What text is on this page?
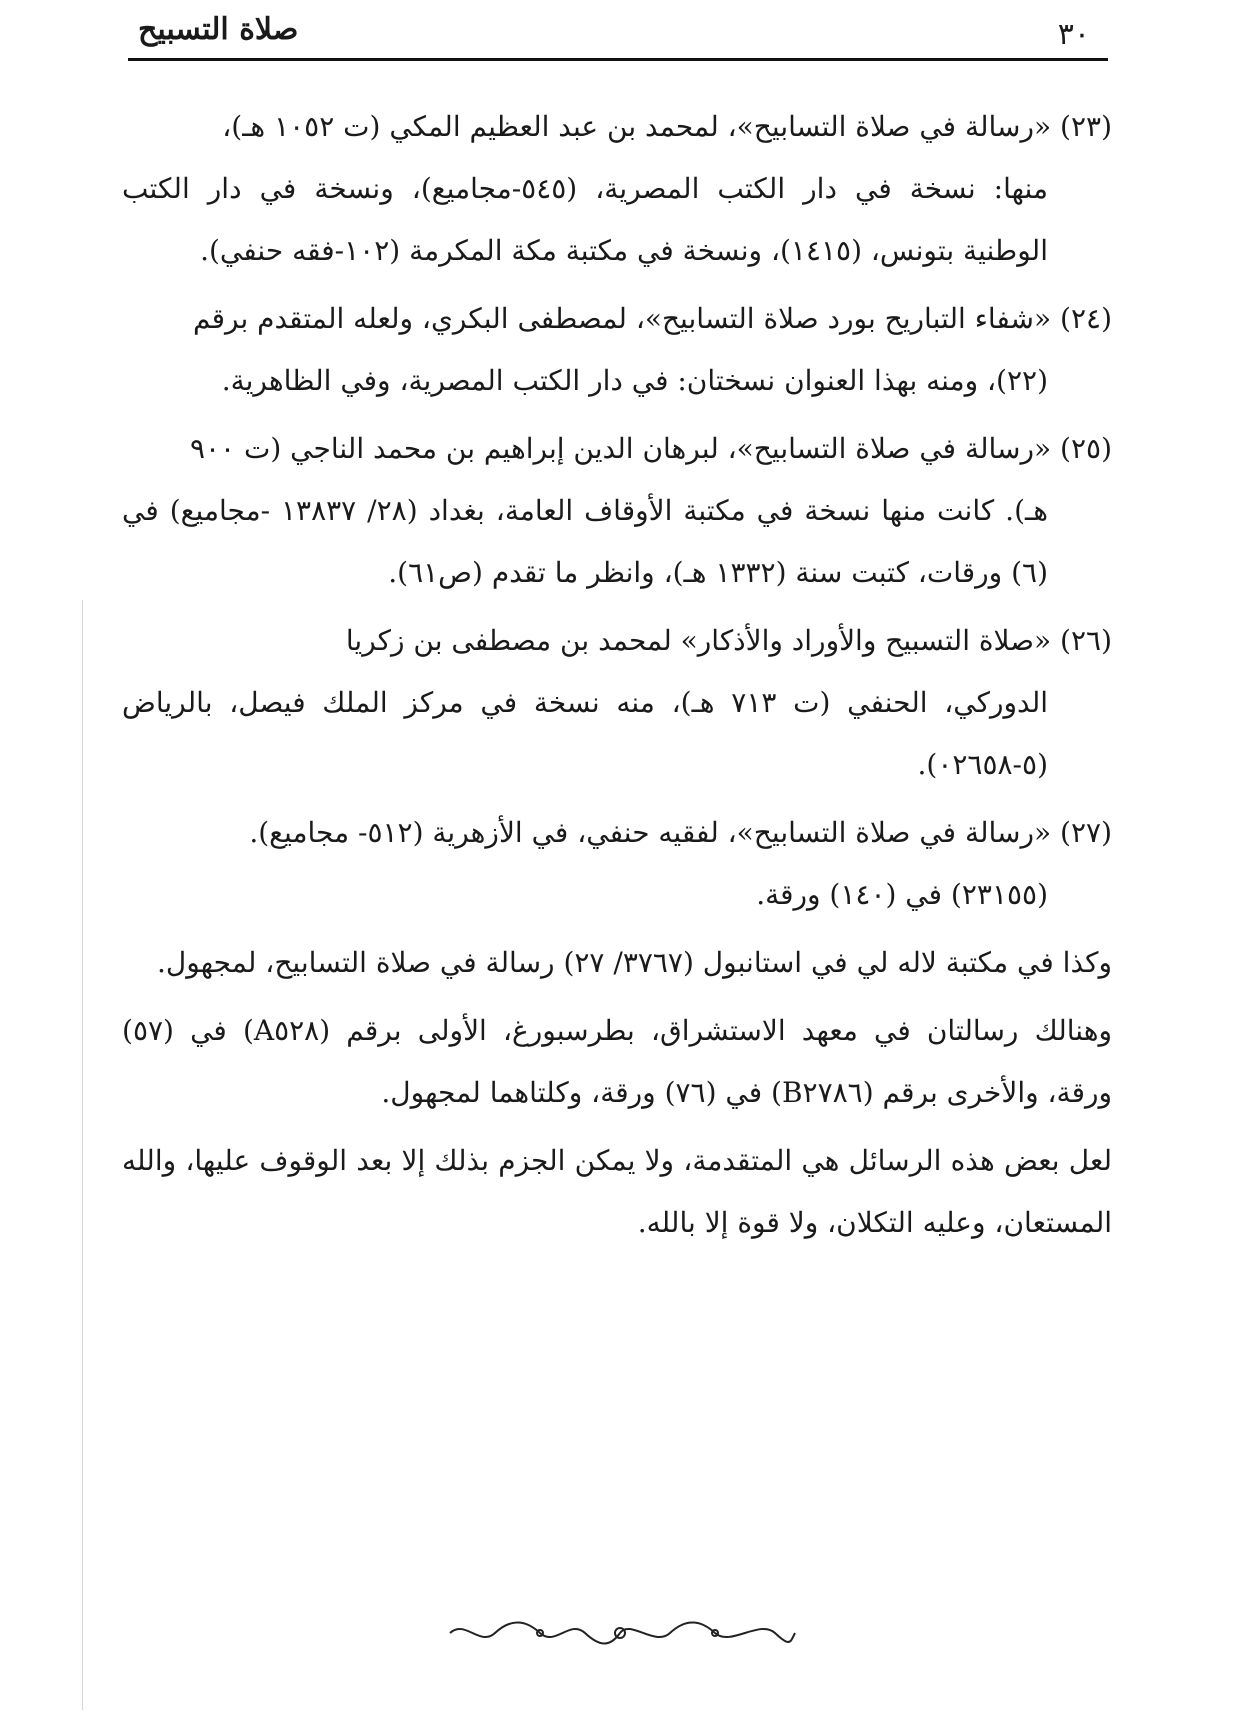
٣٠
صلاة التسبيح

(٢٣) «رسالة في صلاة التسابيح»، لمحمد بن عبد العظيم المكي (ت ١٠٥٢ هـ)،

منها: نسخة في دار الكتب المصرية، (٥٤٥-مجاميع)، ونسخة في دار الكتب الوطنية بتونس، (١٤١٥)، ونسخة في مكتبة مكة المكرمة (١٠٢-فقه حنفي).

(٢٤) «شفاء التباريح بورد صلاة التسابيح»، لمصطفى البكري، ولعله المتقدم برقم

(٢٢)، ومنه بهذا العنوان نسختان: في دار الكتب المصرية، وفي الظاهرية.

(٢٥) «رسالة في صلاة التسابيح»، لبرهان الدين إبراهيم بن محمد الناجي (ت ٩٠٠

هـ). كانت منها نسخة في مكتبة الأوقاف العامة، بغداد (٢٨/ ١٣٨٣٧ -مجاميع) في (٦) ورقات، كتبت سنة (١٣٣٢ هـ)، وانظر ما تقدم (ص٦١).

(٢٦) «صلاة التسبيح والأوراد والأذكار» لمحمد بن مصطفى بن زكريا

الدوركي، الحنفي (ت ٧١٣ هـ)، منه نسخة في مركز الملك فيصل، بالرياض (٥-٠٢٦٥٨).

(٢٧) «رسالة في صلاة التسابيح»، لفقيه حنفي، في الأزهرية (٥١٢- مجاميع).

(٢٣١٥٥) في (١٤٠) ورقة.

وكذا في مكتبة لاله لي في استانبول (٣٧٦٧/ ٢٧) رسالة في صلاة التسابيح، لمجهول.

وهنالك رسالتان في معهد الاستشراق، بطرسبورغ، الأولى برقم (A٥٢٨) في (٥٧) ورقة، والأخرى برقم (B٢٧٨٦) في (٧٦) ورقة، وكلتاهما لمجهول.

لعل بعض هذه الرسائل هي المتقدمة، ولا يمكن الجزم بذلك إلا بعد الوقوف عليها، والله المستعان، وعليه التكلان، ولا قوة إلا بالله.
